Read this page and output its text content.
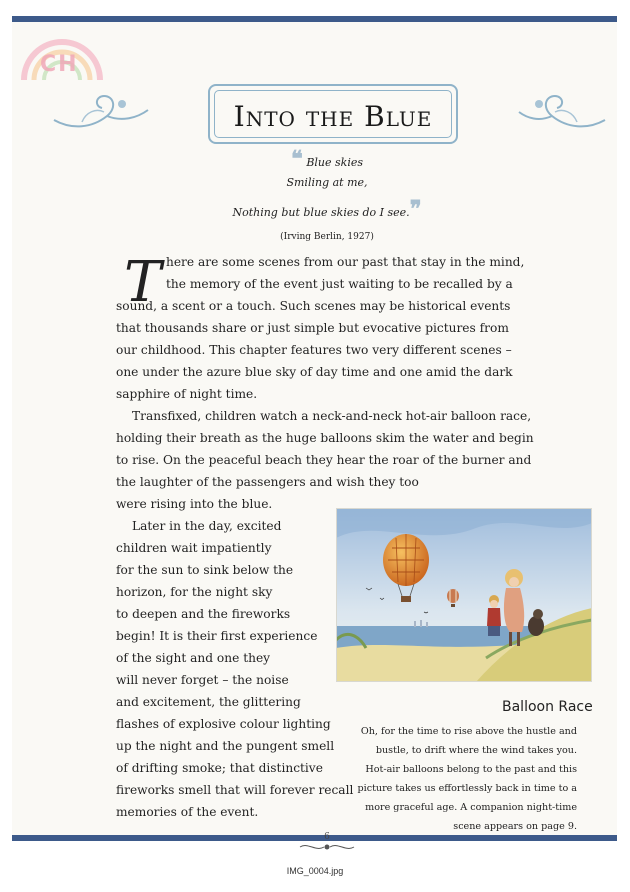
CH
Into the Blue
❝ Blue skies
Smiling at me,
Nothing but blue skies do I see.❞
(Irving Berlin, 1927)
T here are some scenes from our past that stay in the mind,
the memory of the event just waiting to be recalled by a
sound, a scent or a touch. Such scenes may be historical events
that thousands share or just simple but evocative pictures from
our childhood. This chapter features two very different scenes –
one under the azure blue sky of day time and one amid the dark
sapphire of night time.
Transfixed, children watch a neck-and-neck hot-air balloon race,
holding their breath as the huge balloons skim the water and begin
to rise. On the peaceful beach they hear the roar of the burner and
the laughter of the passengers and wish they too
were rising into the blue.
Later in the day, excited
children wait impatiently
for the sun to sink below the
horizon, for the night sky
to deepen and the fireworks
begin! It is their first experience
of the sight and one they
will never forget – the noise
and excitement, the glittering
flashes of explosive colour lighting
up the night and the pungent smell
of drifting smoke; that distinctive
fireworks smell that will forever recall
memories of the event.
Balloon Race
Oh, for the time to rise above the hustle and
bustle, to drift where the wind takes you.
Hot-air balloons belong to the past and this
picture takes us effortlessly back in time to a
more graceful age. A companion night-time
scene appears on page 9.
6
IMG_0004.jpg
